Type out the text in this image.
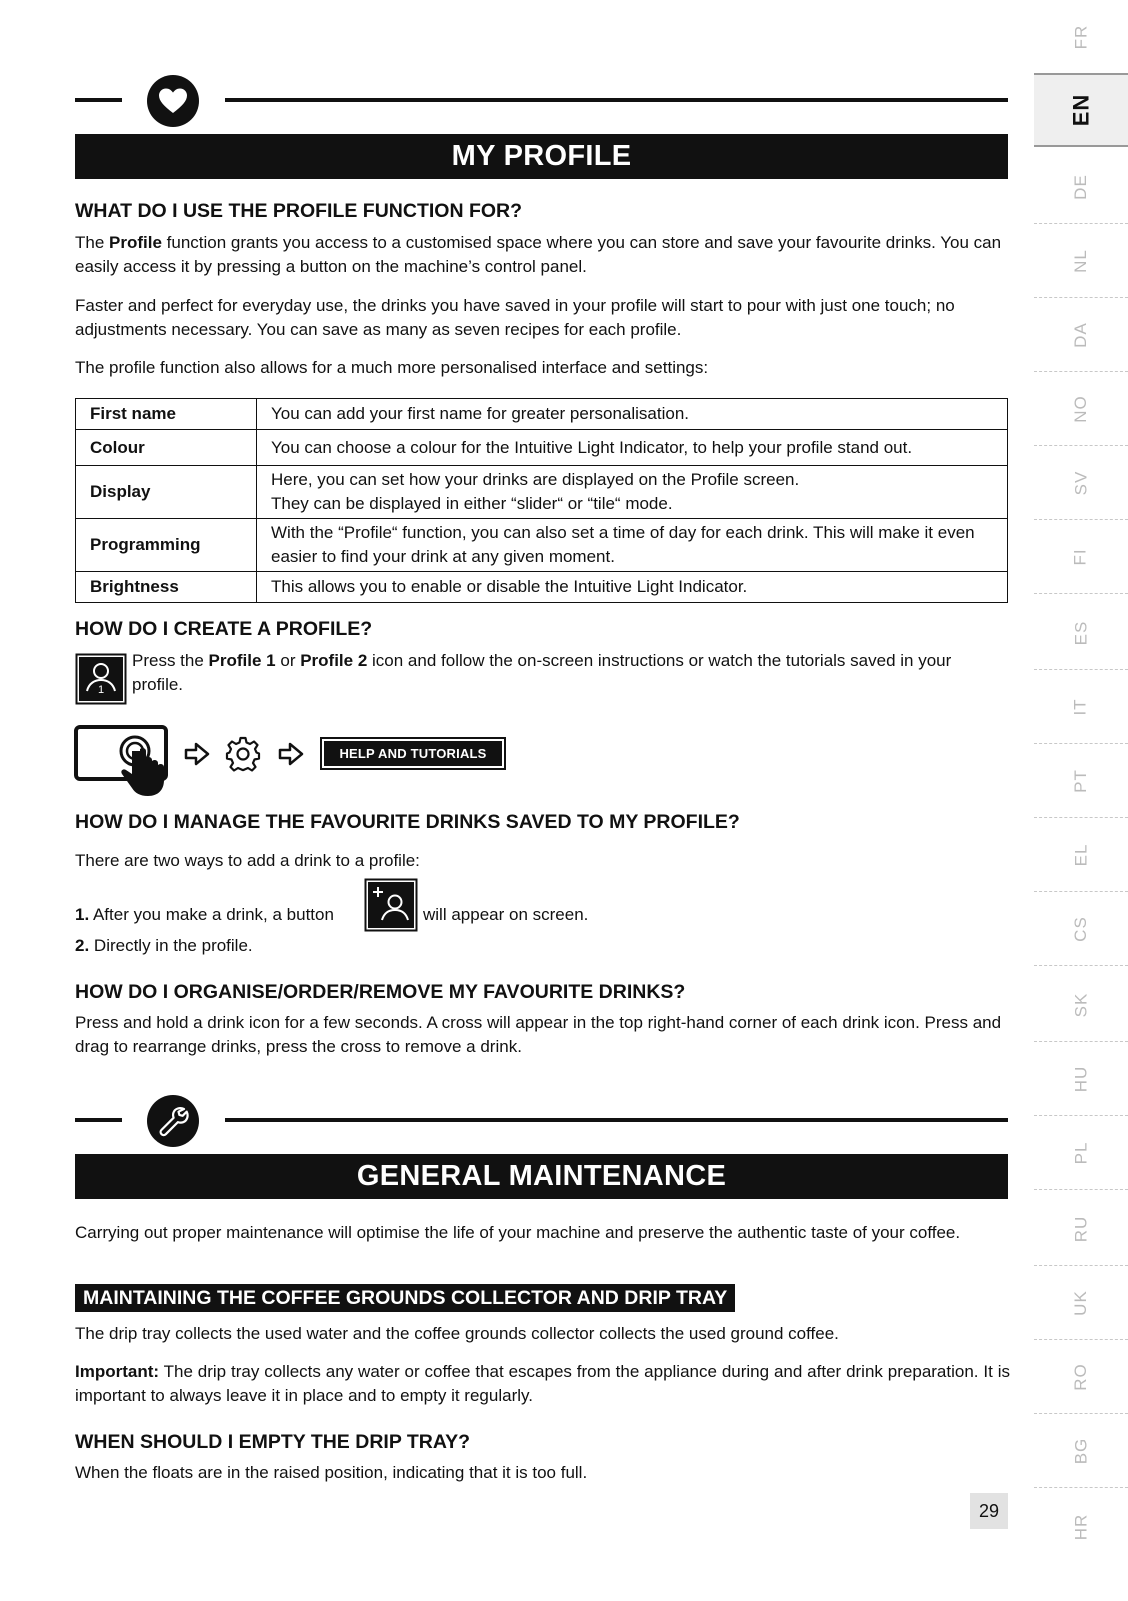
MY PROFILE
WHAT DO I USE THE PROFILE FUNCTION FOR?
The Profile function grants you access to a customised space where you can store and save your favourite drinks. You can easily access it by pressing a button on the machine’s control panel.
Faster and perfect for everyday use, the drinks you have saved in your profile will start to pour with just one touch; no adjustments necessary. You can save as many as seven recipes for each profile.
The profile function also allows for a much more personalised interface and settings:
First name	You can add your first name for greater personalisation.
Colour	You can choose a colour for the Intuitive Light Indicator, to help your profile stand out.
Display	Here, you can set how your drinks are displayed on the Profile screen.
They can be displayed in either “slider“ or “tile“ mode.

Programming	With the “Profile“ function, you can also set a time of day for each drink. This will make it even easier to find your drink at any given moment.
Brightness	This allows you to enable or disable the Intuitive Light Indicator.
HOW DO I CREATE A PROFILE?
1
Press the Profile 1 or Profile 2 icon and follow the on-screen instructions or watch the tutorials saved in your profile.
HELP AND TUTORIALS
HOW DO I MANAGE THE FAVOURITE DRINKS SAVED TO MY PROFILE?
There are two ways to add a drink to a profile:
1. After you make a drink, a button	will appear on screen.
2. Directly in the profile.
HOW DO I ORGANISE/ORDER/REMOVE MY FAVOURITE DRINKS?
Press and hold a drink icon for a few seconds. A cross will appear in the top right-hand corner of each drink icon. Press and drag to rearrange drinks, press the cross to remove a drink.
GENERAL MAINTENANCE
Carrying out proper maintenance will optimise the life of your machine and preserve the authentic taste of your coffee.
MAINTAINING THE COFFEE GROUNDS COLLECTOR AND DRIP TRAY
The drip tray collects the used water and the coffee grounds collector collects the used ground coffee.
Important: The drip tray collects any water or coffee that escapes from the appliance during and after drink preparation. It is important to always leave it in place and to empty it regularly.
WHEN SHOULD I EMPTY THE DRIP TRAY?
When the floats are in the raised position, indicating that it is too full.
29
FR
EN
DE
NL
DA
NO
SV
FI
ES
IT
PT
EL
CS
SK
HU
PL
RU
UK
RO
BG
HR
